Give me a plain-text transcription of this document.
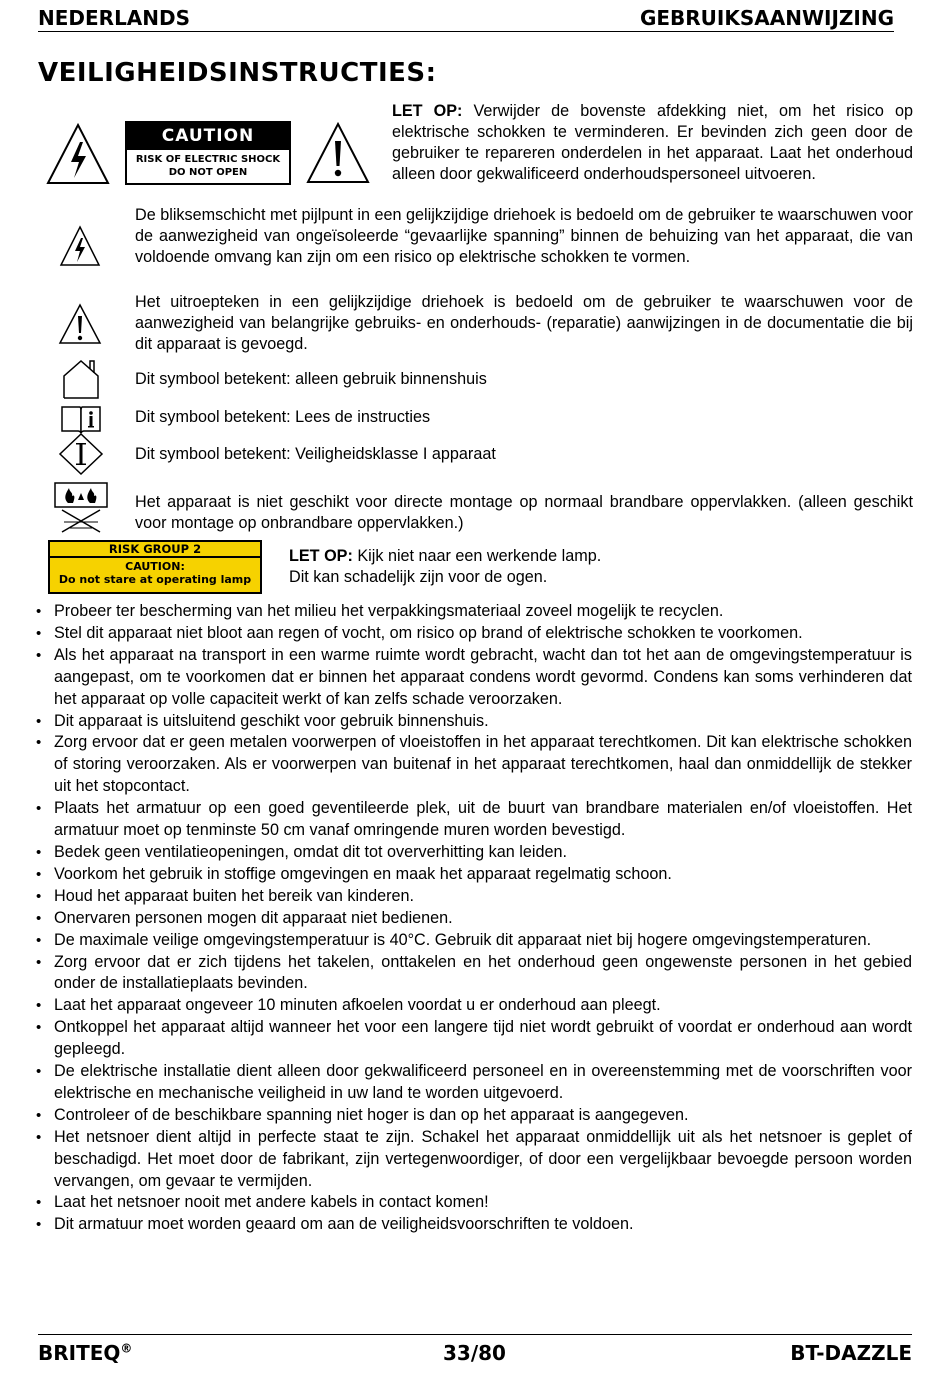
NEDERLANDS	GEBRUIKSAANWIJZING
VEILIGHEIDSINSTRUCTIES:
CAUTION
RISK OF ELECTRIC SHOCK
DO NOT OPEN

LET OP: Verwijder de bovenste afdekking niet, om het risico op elektrische schokken te verminderen. Er bevinden zich geen door de gebruiker te repareren onderdelen in het apparaat. Laat het onderhoud alleen door gekwalificeerd onderhoudspersoneel uitvoeren.

De bliksemschicht met pijlpunt in een gelijkzijdige driehoek is bedoeld om de gebruiker te waarschuwen voor de aanwezigheid van ongeïsoleerde “gevaarlijke spanning” binnen de behuizing van het apparaat, die van voldoende omvang kan zijn om een risico op elektrische schokken te vormen.

Het uitroepteken in een gelijkzijdige driehoek is bedoeld om de gebruiker te waarschuwen voor de aanwezigheid van belangrijke gebruiks- en onderhouds- (reparatie) aanwijzingen in de documentatie die bij dit apparaat is gevoegd.

Dit symbool betekent: alleen gebruik binnenshuis

Dit symbool betekent: Lees de instructies

Dit symbool betekent: Veiligheidsklasse I apparaat

Het apparaat is niet geschikt voor directe montage op normaal brandbare oppervlakken. (alleen geschikt voor montage op onbrandbare oppervlakken.)

RISK GROUP 2
CAUTION:
Do not stare at operating lamp

LET OP: Kijk niet naar een werkende lamp.
Dit kan schadelijk zijn voor de ogen.

• Probeer ter bescherming van het milieu het verpakkingsmateriaal zoveel mogelijk te recyclen.
• Stel dit apparaat niet bloot aan regen of vocht, om risico op brand of elektrische schokken te voorkomen.
• Als het apparaat na transport in een warme ruimte wordt gebracht, wacht dan tot het aan de omgevingstemperatuur is aangepast, om te voorkomen dat er binnen het apparaat condens wordt gevormd. Condens kan soms verhinderen dat het apparaat op volle capaciteit werkt of kan zelfs schade veroorzaken.
• Dit apparaat is uitsluitend geschikt voor gebruik binnenshuis.
• Zorg ervoor dat er geen metalen voorwerpen of vloeistoffen in het apparaat terechtkomen. Dit kan elektrische schokken of storing veroorzaken. Als er voorwerpen van buitenaf in het apparaat terechtkomen, haal dan onmiddellijk de stekker uit het stopcontact.
• Plaats het armatuur op een goed geventileerde plek, uit de buurt van brandbare materialen en/of vloeistoffen. Het armatuur moet op tenminste 50 cm vanaf omringende muren worden bevestigd.
• Bedek geen ventilatieopeningen, omdat dit tot oververhitting kan leiden.
• Voorkom het gebruik in stoffige omgevingen en maak het apparaat regelmatig schoon.
• Houd het apparaat buiten het bereik van kinderen.
• Onervaren personen mogen dit apparaat niet bedienen.
• De maximale veilige omgevingstemperatuur is 40°C. Gebruik dit apparaat niet bij hogere omgevingstemperaturen.
• Zorg ervoor dat er zich tijdens het takelen, onttakelen en het onderhoud geen ongewenste personen in het gebied onder de installatieplaats bevinden.
• Laat het apparaat ongeveer 10 minuten afkoelen voordat u er onderhoud aan pleegt.
• Ontkoppel het apparaat altijd wanneer het voor een langere tijd niet wordt gebruikt of voordat er onderhoud aan wordt gepleegd.
• De elektrische installatie dient alleen door gekwalificeerd personeel en in overeenstemming met de voorschriften voor elektrische en mechanische veiligheid in uw land te worden uitgevoerd.
• Controleer of de beschikbare spanning niet hoger is dan op het apparaat is aangegeven.
• Het netsnoer dient altijd in perfecte staat te zijn. Schakel het apparaat onmiddellijk uit als het netsnoer is geplet of beschadigd. Het moet door de fabrikant, zijn vertegenwoordiger, of door een vergelijkbaar bevoegde persoon worden vervangen, om gevaar te vermijden.
• Laat het netsnoer nooit met andere kabels in contact komen!
• Dit armatuur moet worden geaard om aan de veiligheidsvoorschriften te voldoen.
BRITEQ®	33/80	BT-DAZZLE
